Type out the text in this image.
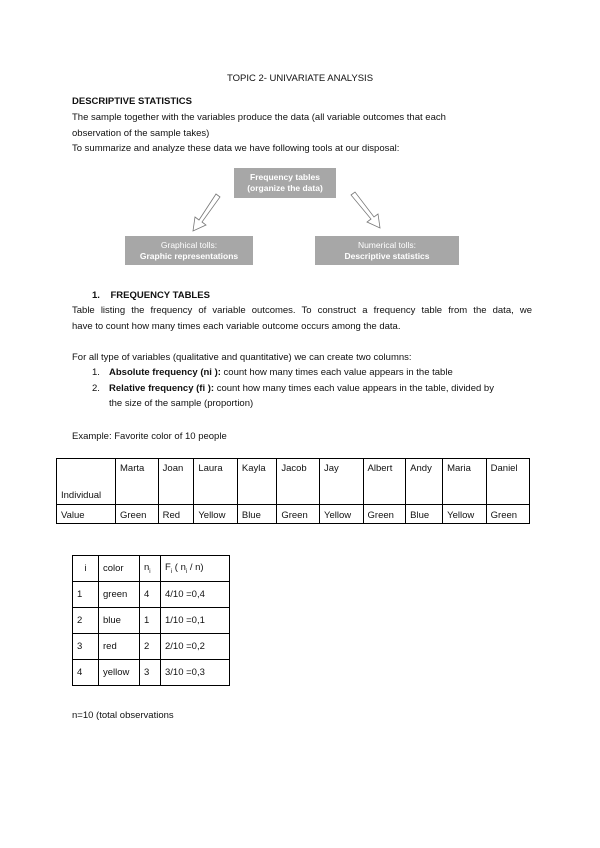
TOPIC 2- UNIVARIATE ANALYSIS
DESCRIPTIVE STATISTICS
The sample together with the variables produce the data (all variable outcomes that each
observation of the sample takes)
To summarize and analyze these data we have following tools at our disposal:
Frequency tables
(organize the data)
Graphical tolls:
Graphic representations
Numerical tolls:
Descriptive statistics
1. FREQUENCY TABLES
Table listing the frequency of variable outcomes. To construct a frequency table from the data, we
have to count how many times each variable outcome occurs among the data.
For all type of variables (qualitative and quantitative) we can create two columns:
1. Absolute frequency (ni ): count how many times each value appears in the table
2. Relative frequency (fi ): count how many times each value appears in the table, divided by
the size of the sample (proportion)
Example: Favorite color of 10 people
Individual	Marta	Joan	Laura	Kayla	Jacob	Jay	Albert	Andy	Maria	Daniel
Value	Green	Red	Yellow	Blue	Green	Yellow	Green	Blue	Yellow	Green
i	color	$n_i$	$F_i$ ( $n_i / n$)
1	green	4	4/10 =0,4
2	blue	1	1/10 =0,1
3	red	2	2/10 =0,2
4	yellow	3	3/10 =0,3
n=10 (total observations
